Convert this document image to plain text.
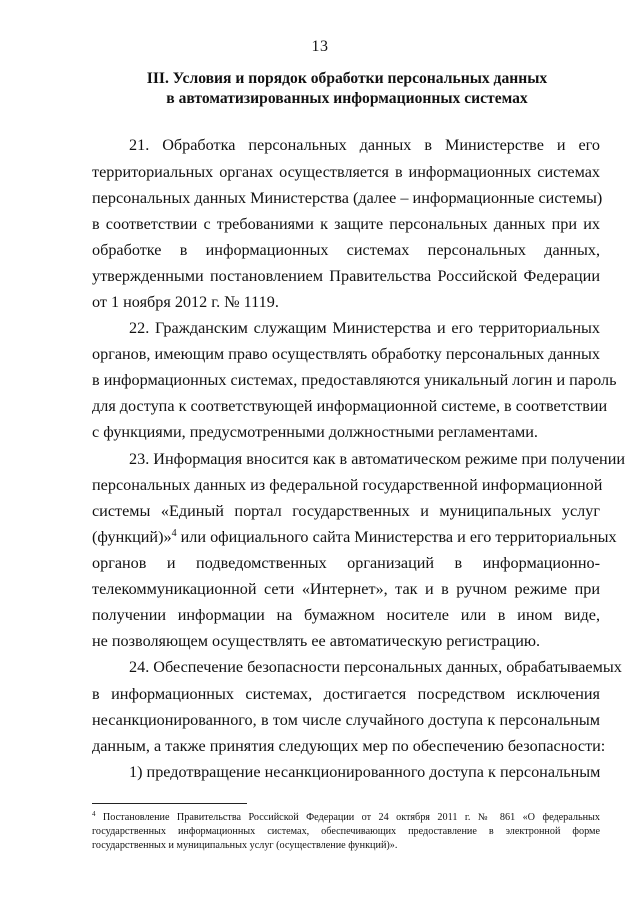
13
III. Условия и порядок обработки персональных данных
в автоматизированных информационных системах
21. Обработка персональных данных в Министерстве и его
территориальных органах осуществляется в информационных системах
персональных данных Министерства (далее – информационные системы)
в соответствии с требованиями к защите персональных данных при их
обработке в информационных системах персональных данных,
утвержденными постановлением Правительства Российской Федерации
от 1 ноября 2012 г. № 1119.
22. Гражданским служащим Министерства и его территориальных
органов, имеющим право осуществлять обработку персональных данных
в информационных системах, предоставляются уникальный логин и пароль
для доступа к соответствующей информационной системе, в соответствии
с функциями, предусмотренными должностными регламентами.
23. Информация вносится как в автоматическом режиме при получении
персональных данных из федеральной государственной информационной
системы «Единый портал государственных и муниципальных услуг
(функций)»$^4$ или официального сайта Министерства и его территориальных
органов и подведомственных организаций в информационно-
телекоммуникационной сети «Интернет», так и в ручном режиме при
получении информации на бумажном носителе или в ином виде,
не позволяющем осуществлять ее автоматическую регистрацию.
24. Обеспечение безопасности персональных данных, обрабатываемых
в информационных системах, достигается посредством исключения
несанкционированного, в том числе случайного доступа к персональным
данным, а также принятия следующих мер по обеспечению безопасности:
1) предотвращение несанкционированного доступа к персональным
$^4$ Постановление Правительства Российской Федерации от 24 октября 2011 г. № 861 «О федеральных
государственных информационных системах, обеспечивающих предоставление в электронной форме
государственных и муниципальных услуг (осуществление функций)».
